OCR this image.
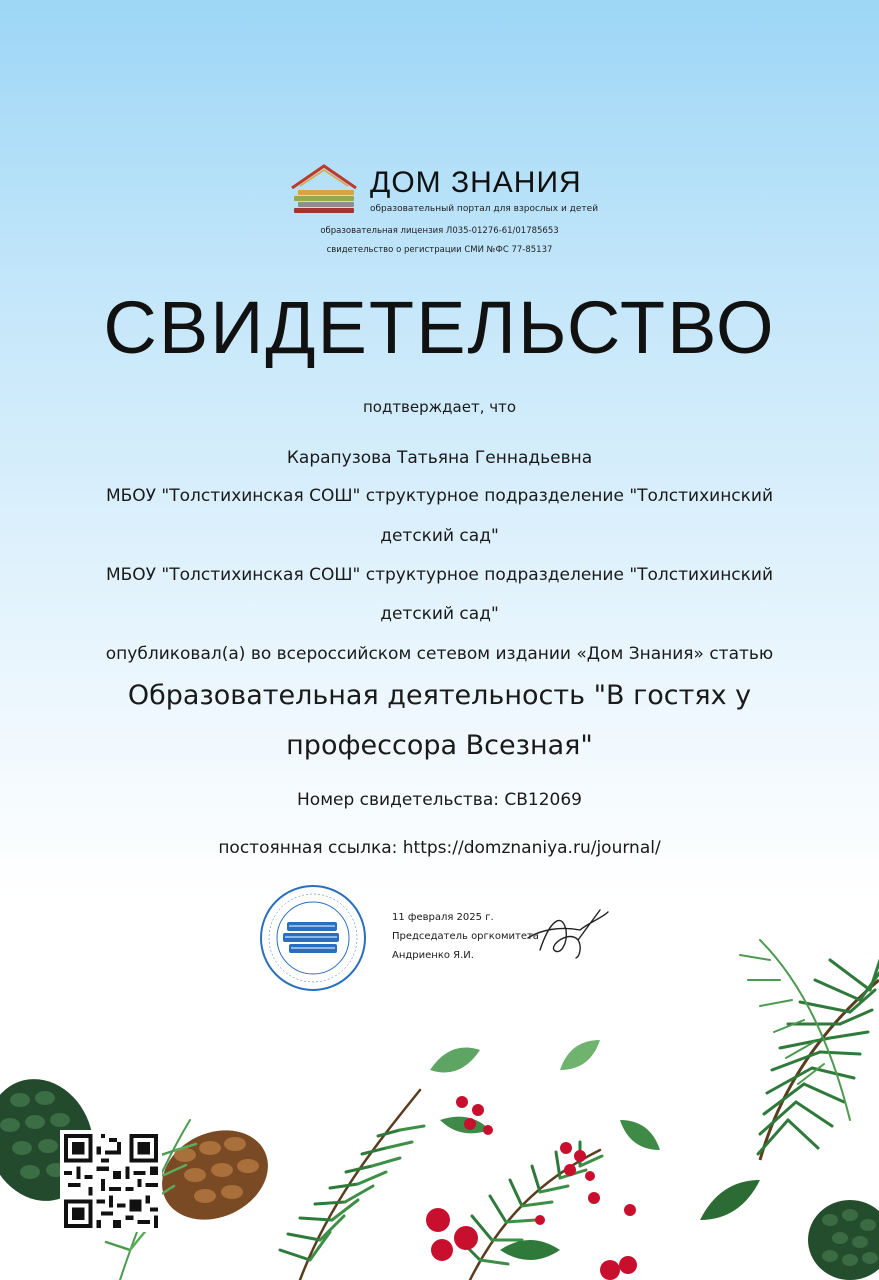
ДОМ ЗНАНИЯ
образовательный портал для взрослых и детей
образовательная лицензия Л035-01276-61/01785653
свидетельство о регистрации СМИ №ФС 77-85137
СВИДЕТЕЛЬСТВО
подтверждает, что
Карапузова Татьяна Геннадьевна
МБОУ "Толстихинская СОШ" структурное подразделение "Толстихинский
детский сад"
МБОУ "Толстихинская СОШ" структурное подразделение "Толстихинский
детский сад"
опубликовал(а) во всероссийском сетевом издании «Дом Знания» статью
Образовательная деятельность "В гостях у
профессора Всезная"
Номер свидетельства: СВ12069
постоянная ссылка: https://domznaniya.ru/journal/
11 февраля 2025 г.
Председатель оргкомитета
Андриенко Я.И.
